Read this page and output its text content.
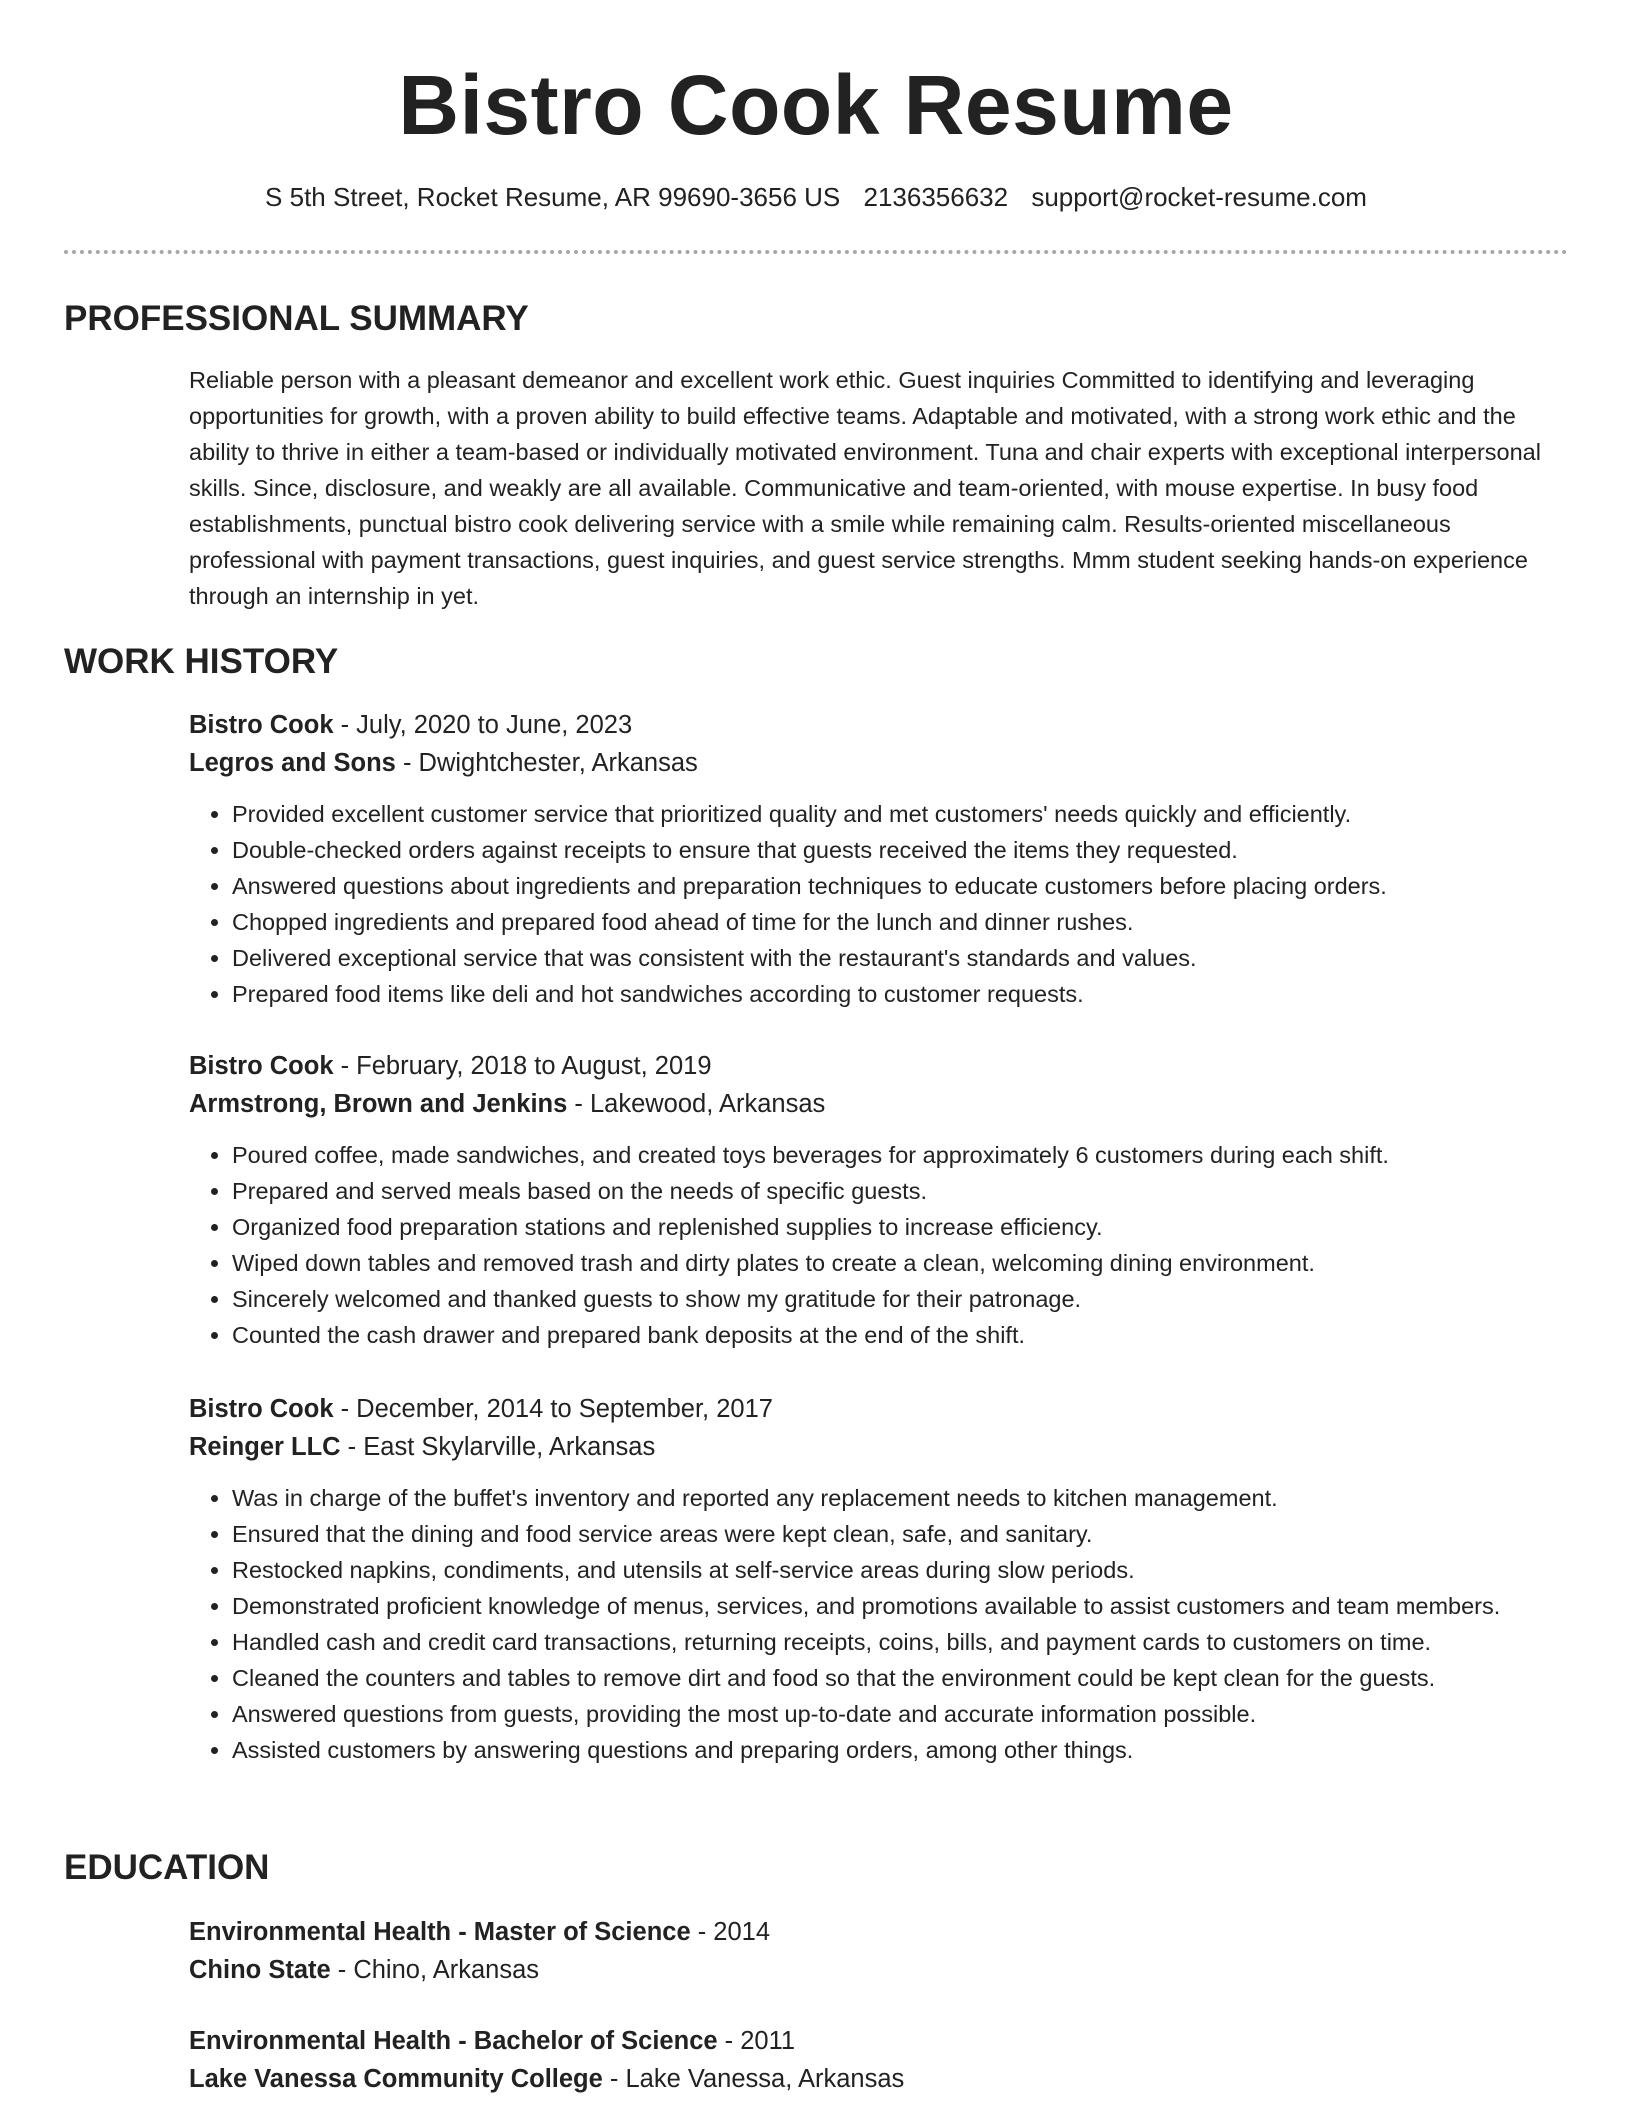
Bistro Cook Resume
S 5th Street, Rocket Resume, AR 99690-3656 US 2136356632 support@rocket-resume.com
PROFESSIONAL SUMMARY

Reliable person with a pleasant demeanor and excellent work ethic. Guest inquiries Committed to identifying and leveraging opportunities for growth, with a proven ability to build effective teams. Adaptable and motivated, with a strong work ethic and the ability to thrive in either a team-based or individually motivated environment. Tuna and chair experts with exceptional interpersonal skills. Since, disclosure, and weakly are all available. Communicative and team-oriented, with mouse expertise. In busy food establishments, punctual bistro cook delivering service with a smile while remaining calm. Results-oriented miscellaneous professional with payment transactions, guest inquiries, and guest service strengths. Mmm student seeking hands-on experience through an internship in yet.

WORK HISTORY

Bistro Cook - July, 2020 to June, 2023

Legros and Sons - Dwightchester, Arkansas

• Provided excellent customer service that prioritized quality and met customers' needs quickly and efficiently.
• Double-checked orders against receipts to ensure that guests received the items they requested.
• Answered questions about ingredients and preparation techniques to educate customers before placing orders.
• Chopped ingredients and prepared food ahead of time for the lunch and dinner rushes.
• Delivered exceptional service that was consistent with the restaurant's standards and values.
• Prepared food items like deli and hot sandwiches according to customer requests.

Bistro Cook - February, 2018 to August, 2019

Armstrong, Brown and Jenkins - Lakewood, Arkansas

• Poured coffee, made sandwiches, and created toys beverages for approximately 6 customers during each shift.
• Prepared and served meals based on the needs of specific guests.
• Organized food preparation stations and replenished supplies to increase efficiency.
• Wiped down tables and removed trash and dirty plates to create a clean, welcoming dining environment.
• Sincerely welcomed and thanked guests to show my gratitude for their patronage.
• Counted the cash drawer and prepared bank deposits at the end of the shift.

Bistro Cook - December, 2014 to September, 2017

Reinger LLC - East Skylarville, Arkansas

• Was in charge of the buffet's inventory and reported any replacement needs to kitchen management.
• Ensured that the dining and food service areas were kept clean, safe, and sanitary.
• Restocked napkins, condiments, and utensils at self-service areas during slow periods.
• Demonstrated proficient knowledge of menus, services, and promotions available to assist customers and team members.
• Handled cash and credit card transactions, returning receipts, coins, bills, and payment cards to customers on time.
• Cleaned the counters and tables to remove dirt and food so that the environment could be kept clean for the guests.
• Answered questions from guests, providing the most up-to-date and accurate information possible.
• Assisted customers by answering questions and preparing orders, among other things.
EDUCATION

Environmental Health - Master of Science - 2014

Chino State - Chino, Arkansas

Environmental Health - Bachelor of Science - 2011

Lake Vanessa Community College - Lake Vanessa, Arkansas
